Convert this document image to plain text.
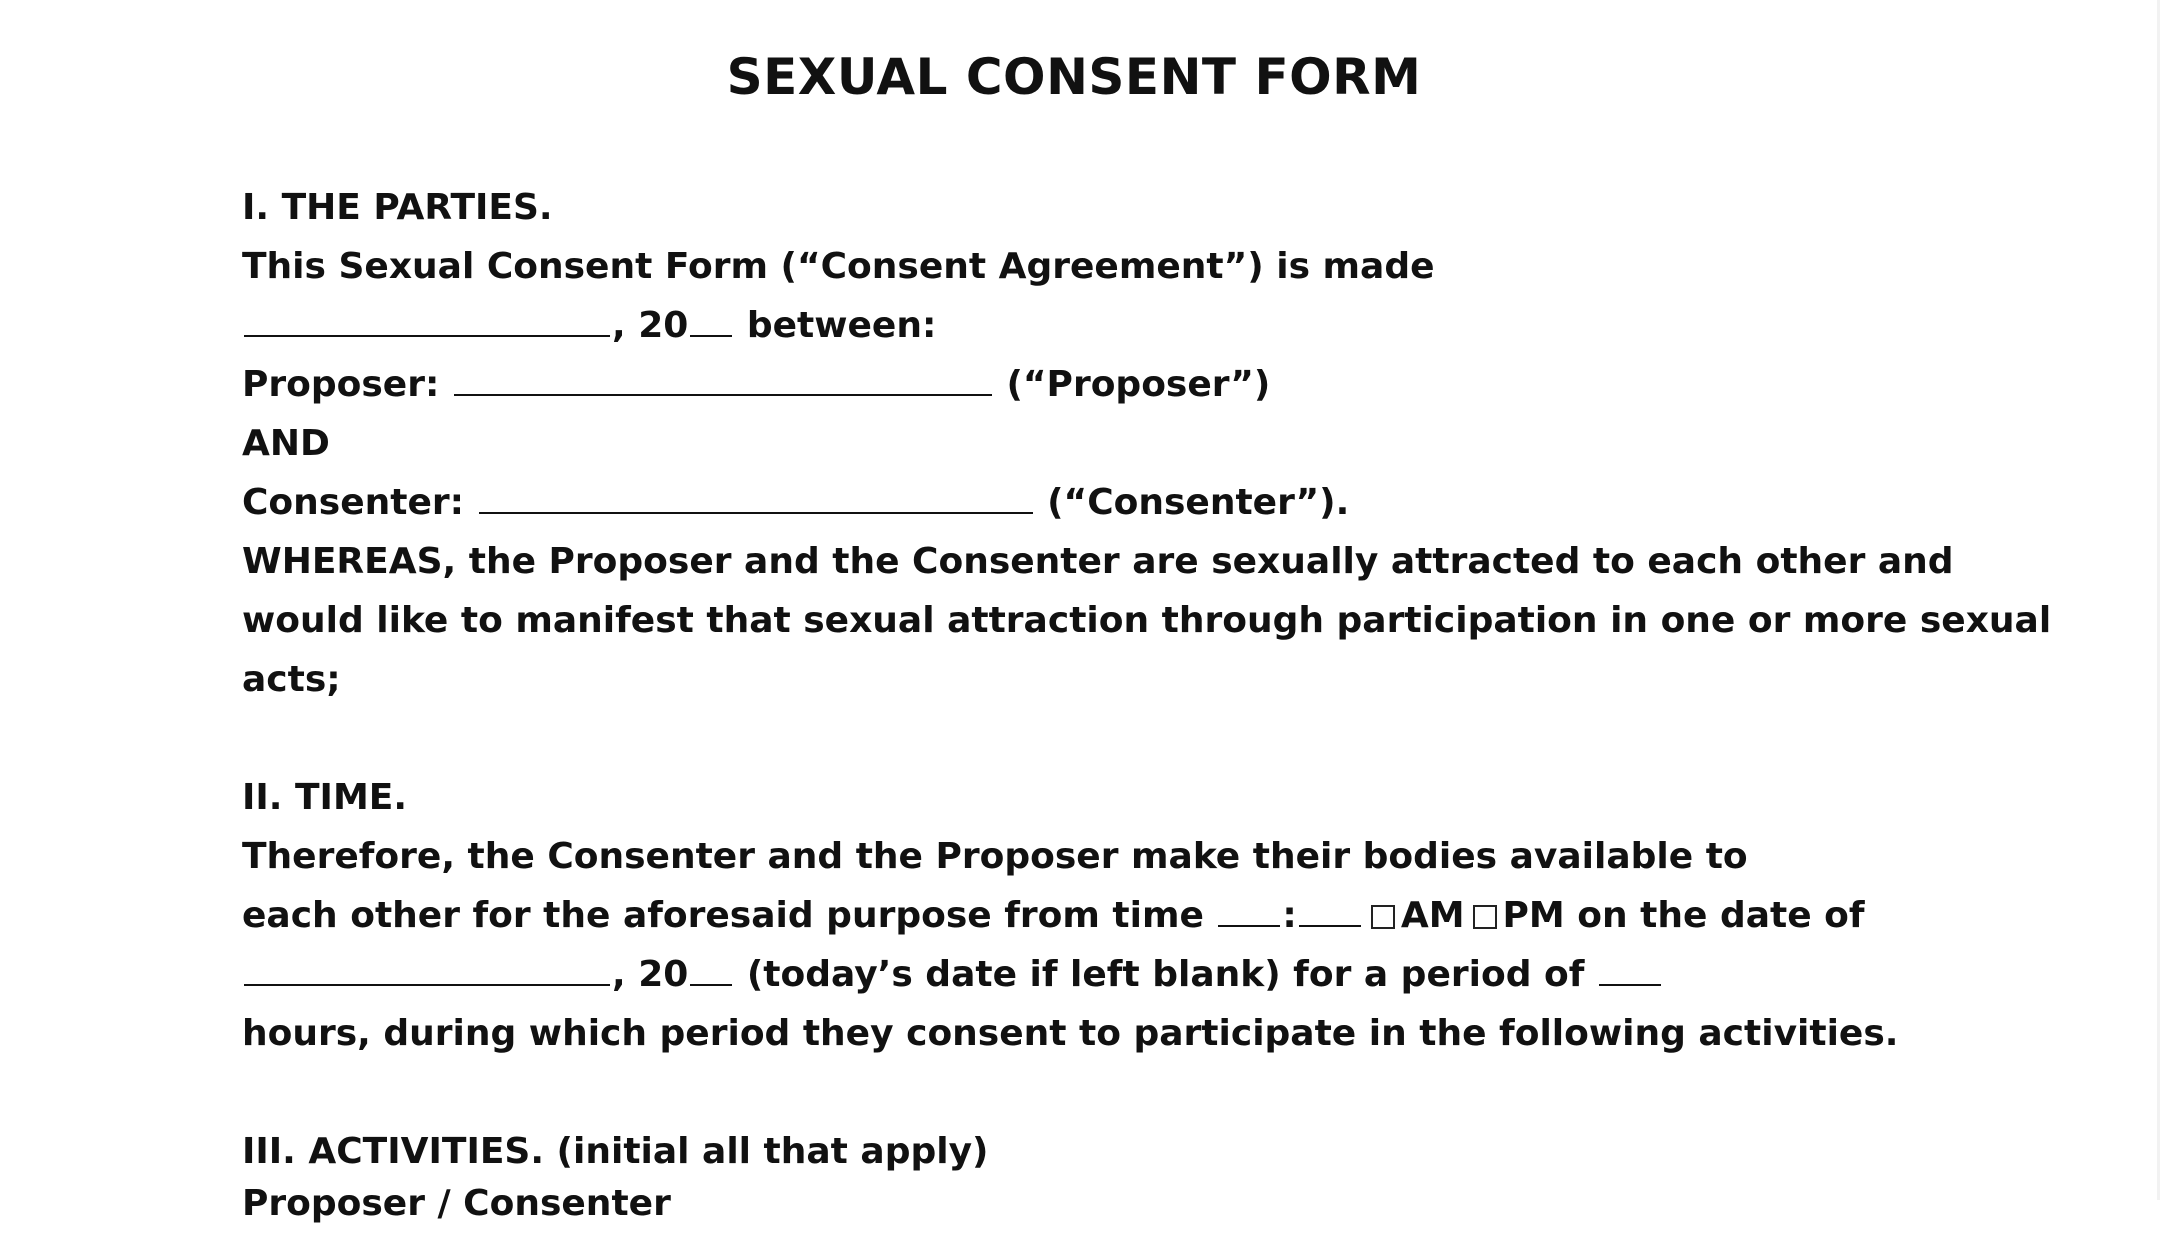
SEXUAL CONSENT FORM
I. THE PARTIES.
This Sexual Consent Form (“Consent Agreement”) is made
, 20 between:
Proposer:	(“Proposer”)
AND
Consenter:	(“Consenter”).
WHEREAS, the Proposer and the Consenter are sexually attracted to each other and
would like to manifest that sexual attraction through participation in one or more sexual
acts;
II. TIME.
Therefore, the Consenter and the Proposer make their bodies available to
each other for the aforesaid purpose from time :	AM PM on the date of
, 20 (today’s date if left blank) for a period of
hours, during which period they consent to participate in the following activities.
III. ACTIVITIES. (initial all that apply)
Proposer / Consenter
